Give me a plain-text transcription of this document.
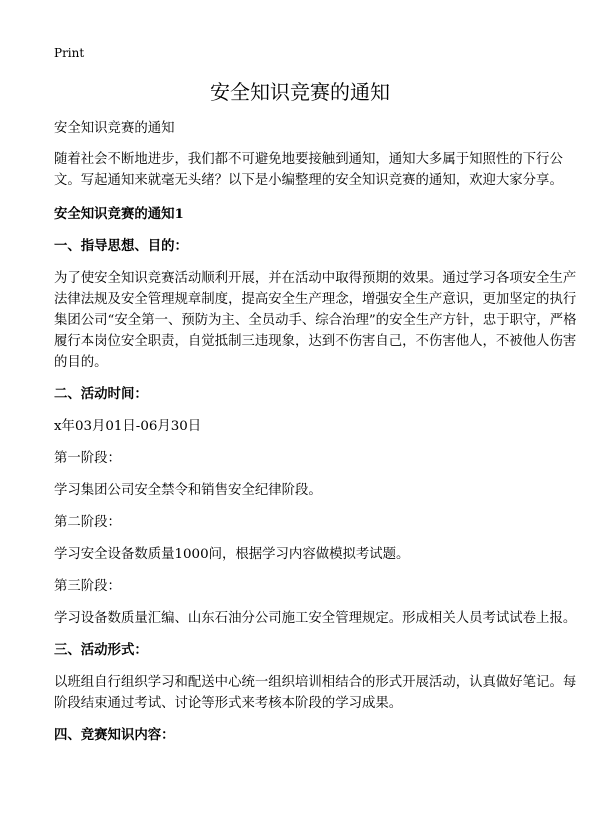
Print
安全知识竞赛的通知

安全知识竞赛的通知

随着社会不断地进步，我们都不可避免地要接触到通知，通知大多属于知照性的下行公文。写起通知来就毫无头绪？以下是小编整理的安全知识竞赛的通知，欢迎大家分享。

安全知识竞赛的通知1

一、指导思想、目的：

为了使安全知识竞赛活动顺利开展，并在活动中取得预期的效果。通过学习各项安全生产法律法规及安全管理规章制度，提高安全生产理念，增强安全生产意识，更加坚定的执行集团公司“安全第一、预防为主、全员动手、综合治理”的安全生产方针，忠于职守，严格履行本岗位安全职责，自觉抵制三违现象，达到不伤害自己，不伤害他人，不被他人伤害的目的。

二、活动时间：

x年03月01日-06月30日

第一阶段：

学习集团公司安全禁令和销售安全纪律阶段。

第二阶段：

学习安全设备数质量1000问，根据学习内容做模拟考试题。

第三阶段：

学习设备数质量汇编、山东石油分公司施工安全管理规定。形成相关人员考试试卷上报。

三、活动形式：

以班组自行组织学习和配送中心统一组织培训相结合的形式开展活动，认真做好笔记。每阶段结束通过考试、讨论等形式来考核本阶段的学习成果。

四、竞赛知识内容：
